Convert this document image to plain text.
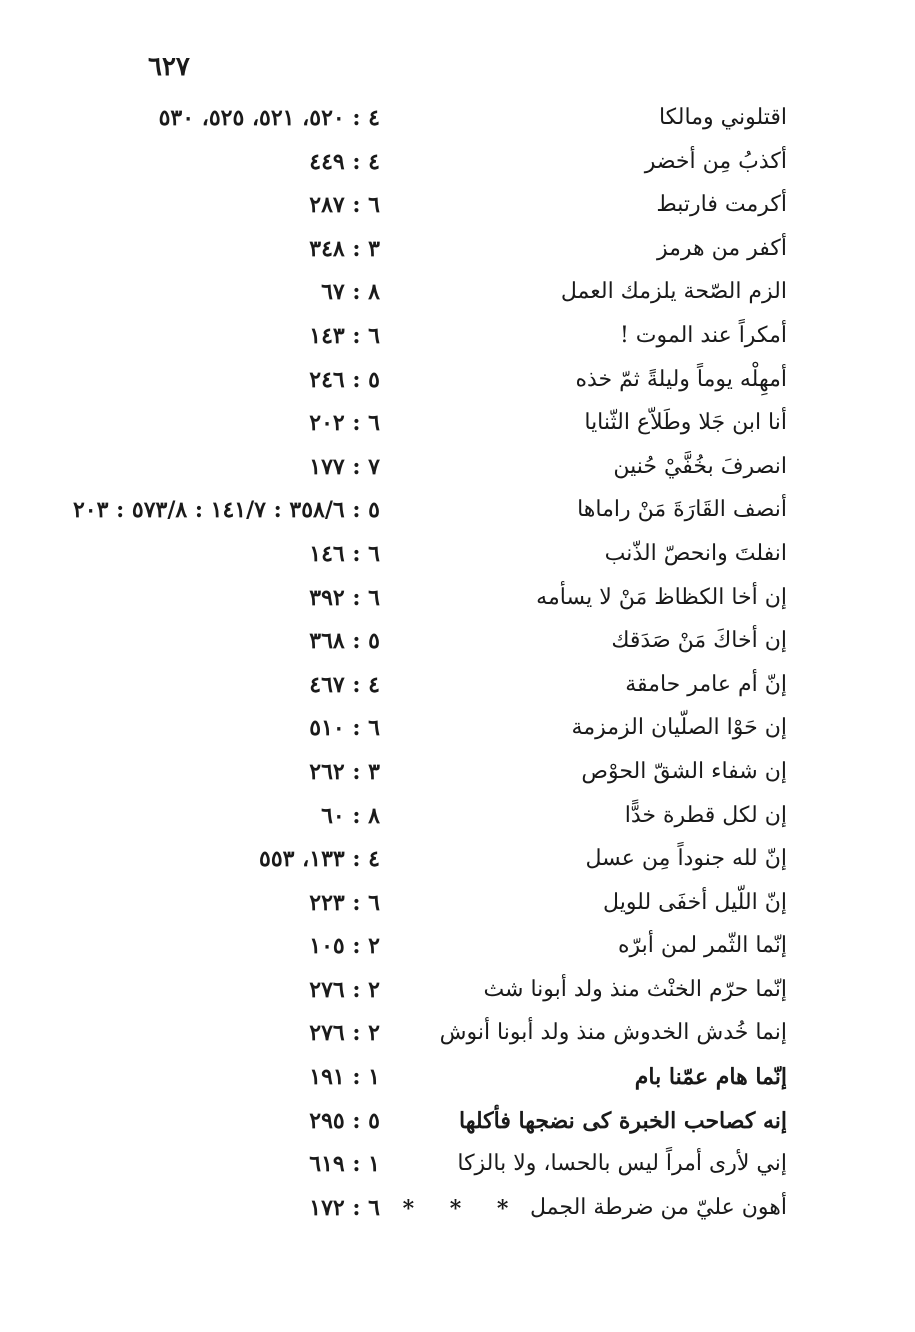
٦٢٧
اقتلوني ومالكا
٤ : ٥٢٠، ٥٢١، ٥٢٥، ٥٣٠
أكذبُ مِن أخضر
٤ : ٤٤٩
أكرمت فارتبط
٦ : ٢٨٧
أكفر من هرمز
٣ : ٣٤٨
الزم الصّحة يلزمك العمل
٨ : ٦٧
أمكراً عند الموت !
٦ : ١٤٣
أمهِلْه يوماً وليلةً ثمّ خذه
٥ : ٢٤٦
أنا ابن جَلا وطَلاّع الثّنايا
٦ : ٢٠٢
انصرفَ بخُفَّيْ حُنين
٧ : ١٧٧
أنصف القَارَةَ مَنْ راماها
٥ : ٣٥٨/٦ : ١٤١/٧ : ٥٧٣/٨ : ٢٠٣
انفلتَ وانحصّ الذّنب
٦ : ١٤٦
إن أخا الكظاظ مَنْ لا يسأمه
٦ : ٣٩٢
إن أخاكَ مَنْ صَدَقك
٥ : ٣٦٨
إنّ أم عامر حامقة
٤ : ٤٦٧
إن حَوْا الصلّيان الزمزمة
٦ : ٥١٠
إن شفاء الشقّ الحوْص
٣ : ٢٦٢
إن لكل قطرة خدًّا
٨ : ٦٠
إنّ لله جنوداً مِن عسل
٤ : ١٣٣، ٥٥٣
إنّ اللّيل أخفَى للويل
٦ : ٢٢٣
إنّما الثّمر لمن أبرّه
٢ : ١٠٥
إنّما حرّم الخنْث منذ ولد أبونا شث
٢ : ٢٧٦
إنما خُدش الخدوش منذ ولد أبونا أنوش
٢ : ٢٧٦
إنّما هام عمّنا بام
١ : ١٩١
إنه كصاحب الخبرة كى نضجها فأكلها
٥ : ٢٩٥
إني لأرى أمراً ليس بالحسا، ولا بالزكا
١ : ٦١٩
أهون عليّ من ضرطة الجمل
٦ : ١٧٢	* * *
